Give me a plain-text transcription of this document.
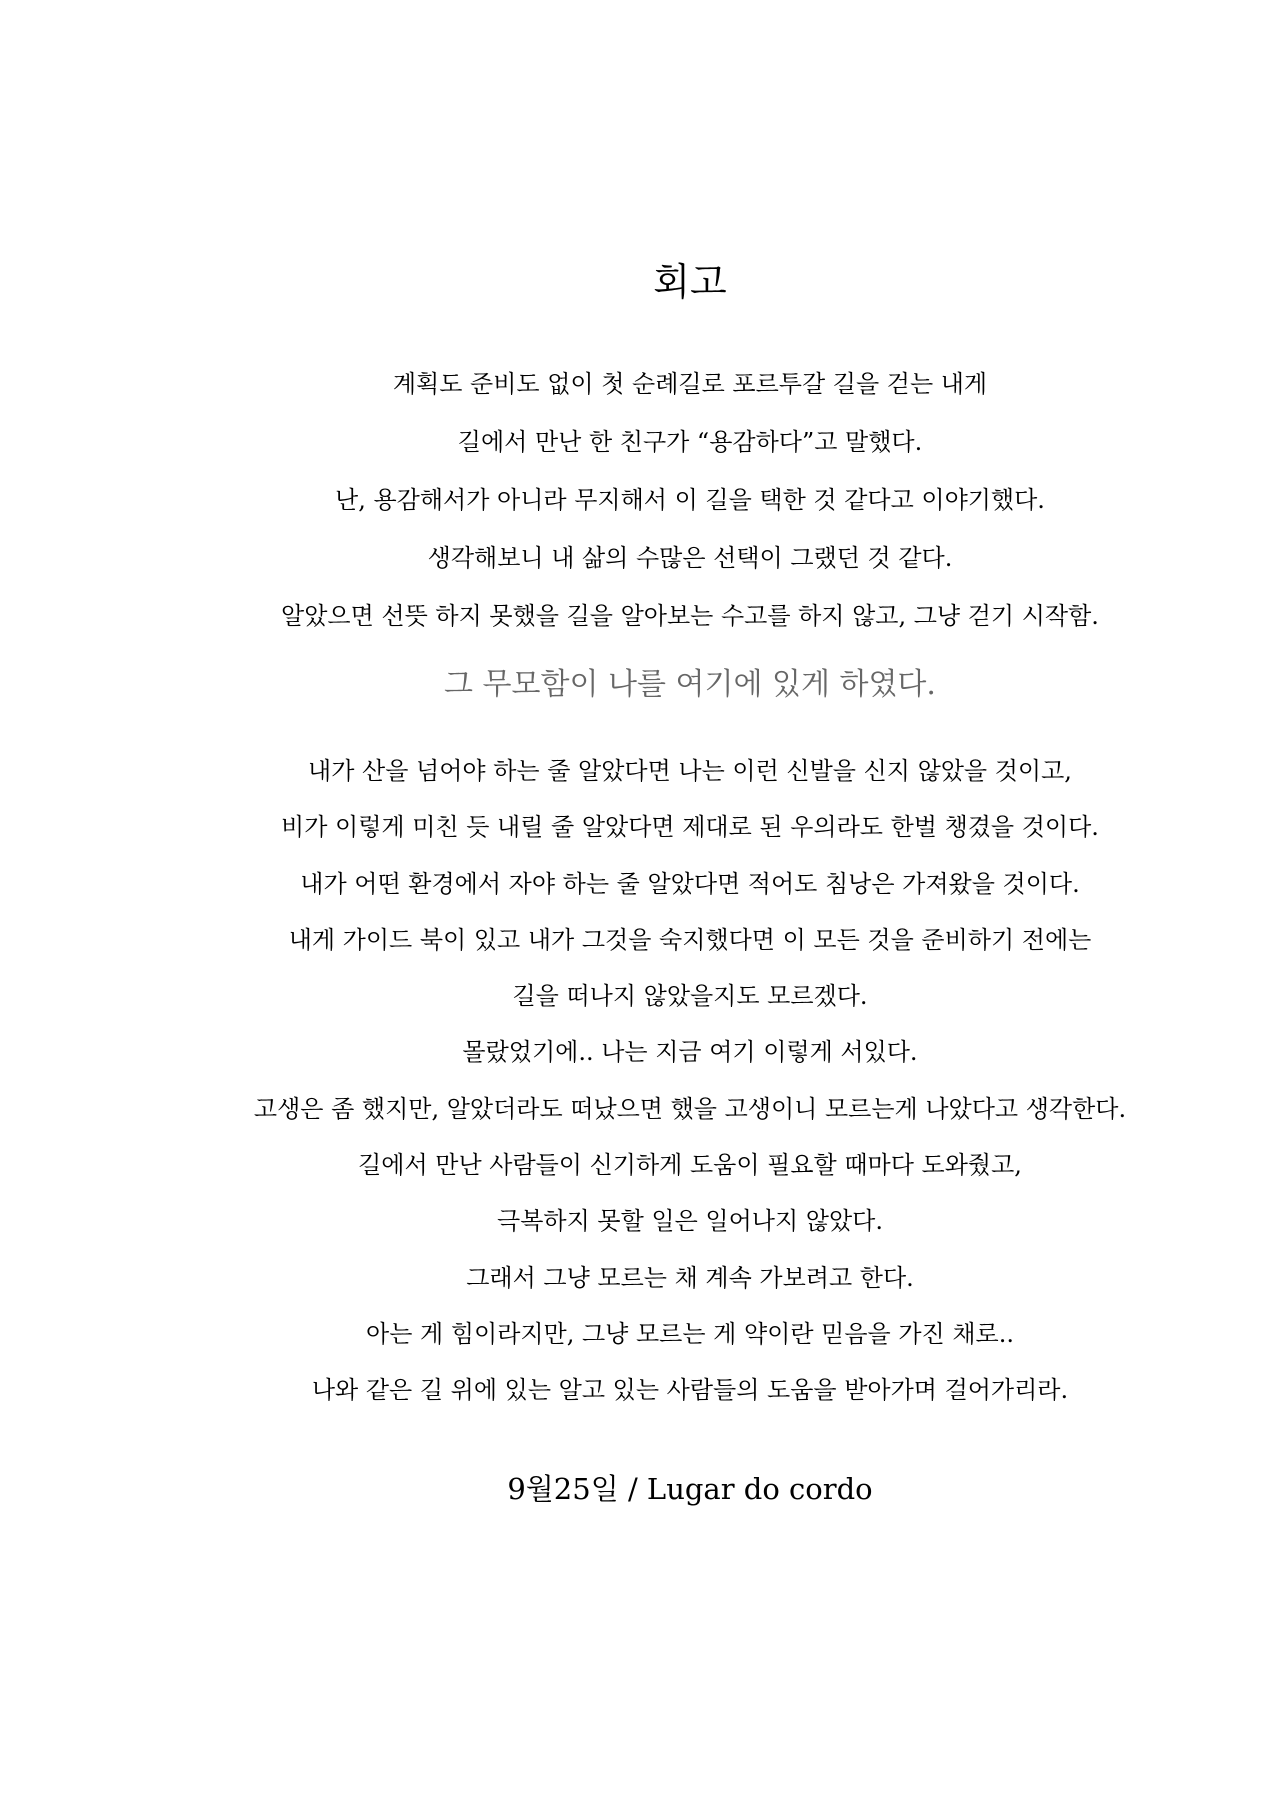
회고
계획도 준비도 없이 첫 순례길로 포르투갈 길을 걷는 내게
길에서 만난 한 친구가 “용감하다”고 말했다.
난, 용감해서가 아니라 무지해서 이 길을 택한 것 같다고 이야기했다.
생각해보니 내 삶의 수많은 선택이 그랬던 것 같다.
알았으면 선뜻 하지 못했을 길을 알아보는 수고를 하지 않고, 그냥 걷기 시작함.
그 무모함이 나를 여기에 있게 하였다.
내가 산을 넘어야 하는 줄 알았다면 나는 이런 신발을 신지 않았을 것이고,
비가 이렇게 미친 듯 내릴 줄 알았다면 제대로 된 우의라도 한벌 챙겼을 것이다.
내가 어떤 환경에서 자야 하는 줄 알았다면 적어도 침낭은 가져왔을 것이다.
내게 가이드 북이 있고 내가 그것을 숙지했다면 이 모든 것을 준비하기 전에는
길을 떠나지 않았을지도 모르겠다.
몰랐었기에.. 나는 지금 여기 이렇게 서있다.
고생은 좀 했지만, 알았더라도 떠났으면 했을 고생이니 모르는게 나았다고 생각한다.
길에서 만난 사람들이 신기하게 도움이 필요할 때마다 도와줬고,
극복하지 못할 일은 일어나지 않았다.
그래서 그냥 모르는 채 계속 가보려고 한다.
아는 게 힘이라지만, 그냥 모르는 게 약이란 믿음을 가진 채로..
나와 같은 길 위에 있는 알고 있는 사람들의 도움을 받아가며 걸어가리라.
9월25일 / Lugar do cordo
